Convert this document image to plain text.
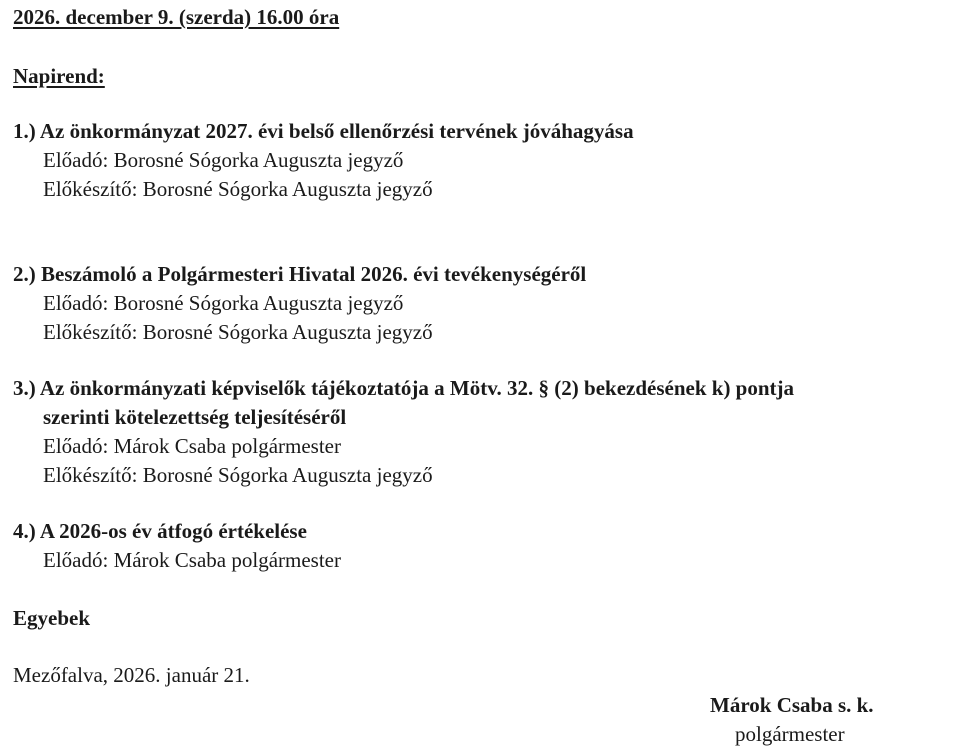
2026. december 9. (szerda) 16.00 óra
Napirend:
1.) Az önkormányzat 2027. évi belső ellenőrzési tervének jóváhagyása
Előadó: Borosné Sógorka Auguszta jegyző
Előkészítő: Borosné Sógorka Auguszta jegyző
2.) Beszámoló a Polgármesteri Hivatal 2026. évi tevékenységéről
Előadó: Borosné Sógorka Auguszta jegyző
Előkészítő: Borosné Sógorka Auguszta jegyző
3.) Az önkormányzati képviselők tájékoztatója a Mötv. 32. § (2) bekezdésének k) pontja
szerinti kötelezettség teljesítéséről
Előadó: Márok Csaba polgármester
Előkészítő: Borosné Sógorka Auguszta jegyző
4.) A 2026-os év átfogó értékelése
Előadó: Márok Csaba polgármester
Egyebek
Mezőfalva, 2026. január 21.
Márok Csaba s. k.
polgármester
